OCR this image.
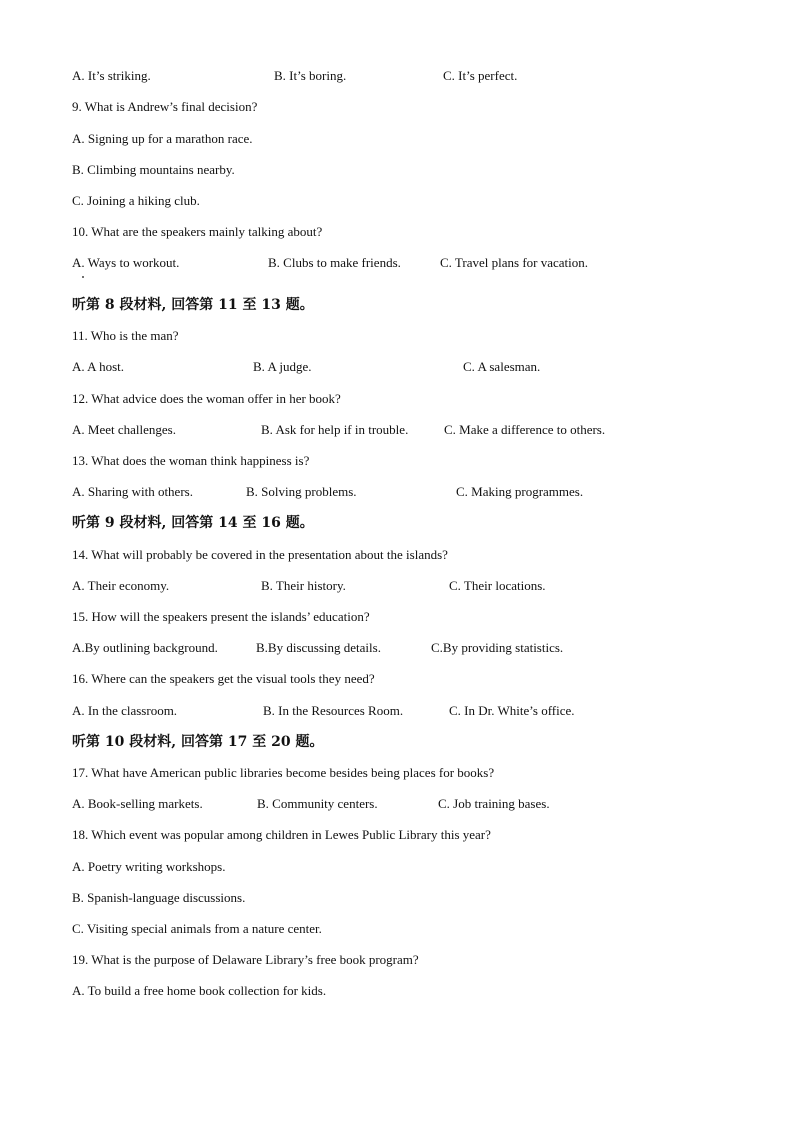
A. It’s striking.	B. It’s boring.	C. It’s perfect.
9. What is Andrew’s final decision?
A. Signing up for a marathon race.
B. Climbing mountains nearby.
C. Joining a hiking club.
10. What are the speakers mainly talking about?
A. Ways to workout.	B. Clubs to make friends.	C. Travel plans for vacation.
听第 8 段材料, 回答第 11 至 13 题。
11. Who is the man?
A. A host.	B. A judge.	C. A salesman.
12. What advice does the woman offer in her book?
A. Meet challenges.	B. Ask for help if in trouble.	C. Make a difference to others.
13. What does the woman think happiness is?
A. Sharing with others.	B. Solving problems.	C. Making programmes.
听第 9 段材料, 回答第 14 至 16 题。
14. What will probably be covered in the presentation about the islands?
A. Their economy.	B. Their history.	C. Their locations.
15. How will the speakers present the islands’ education?
A.By outlining background.	B.By discussing details.	C.By providing statistics.
16. Where can the speakers get the visual tools they need?
A. In the classroom.	B. In the Resources Room.	C. In Dr. White’s office.
听第 10 段材料, 回答第 17 至 20 题。
17. What have American public libraries become besides being places for books?
A. Book-selling markets.	B. Community centers.	C. Job training bases.
18. Which event was popular among children in Lewes Public Library this year?
A. Poetry writing workshops.
B. Spanish-language discussions.
C. Visiting special animals from a nature center.
19. What is the purpose of Delaware Library’s free book program?
A. To build a free home book collection for kids.
